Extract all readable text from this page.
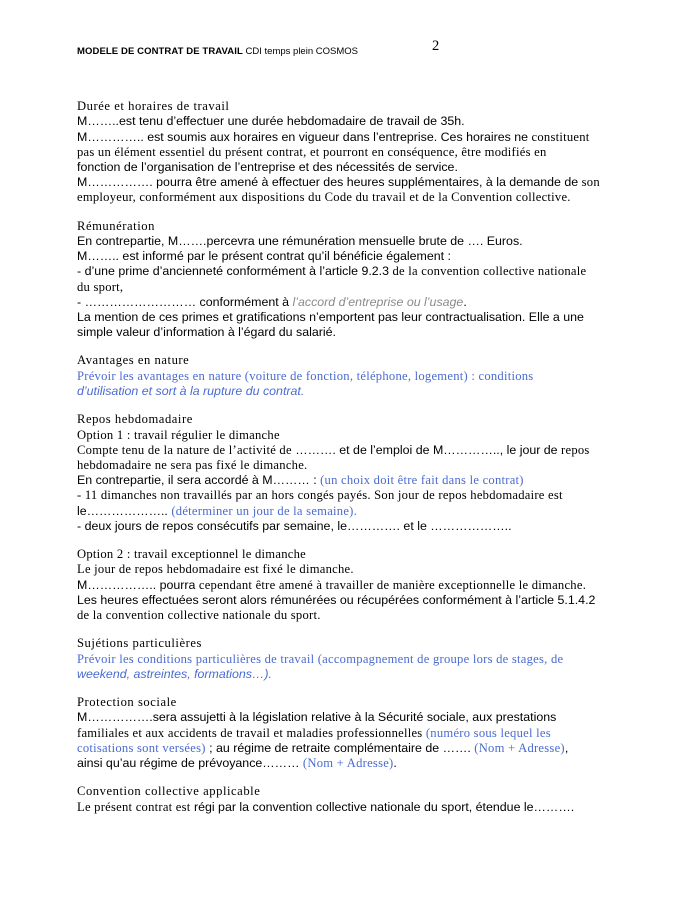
MODELE DE CONTRAT DE TRAVAIL CDI temps plein COSMOS	2

Durée et horaires de travail

M……..est tenu d’effectuer une durée hebdomadaire de travail de 35h.

M………….. est soumis aux horaires en vigueur dans l’entreprise. Ces horaires ne constituent

pas un élément essentiel du présent contrat, et pourront en conséquence, être modifiés en

fonction de l’organisation de l’entreprise et des nécessités de service.

M……………. pourra être amené à effectuer des heures supplémentaires, à la demande de son

employeur, conformément aux dispositions du Code du travail et de la Convention collective.

Rémunération

En contrepartie, M…….percevra une rémunération mensuelle brute de …. Euros.

M…….. est informé par le présent contrat qu’il bénéficie également :

- d’une prime d’ancienneté conformément à l’article 9.2.3 de la convention collective nationale

du sport,

- ……………………… conformément à l’accord d’entreprise ou l’usage.

La mention de ces primes et gratifications n’emportent pas leur contractualisation. Elle a une

simple valeur d’information à l’égard du salarié.

Avantages en nature

Prévoir les avantages en nature (voiture de fonction, téléphone, logement) : conditions

d’utilisation et sort à la rupture du contrat.

Repos hebdomadaire

Option 1 : travail régulier le dimanche

Compte tenu de la nature de l’activité de ………. et de l’emploi de M………….., le jour de repos

hebdomadaire ne sera pas fixé le dimanche.

En contrepartie, il sera accordé à M……… : (un choix doit être fait dans le contrat)

- 11 dimanches non travaillés par an hors congés payés. Son jour de repos hebdomadaire est

le……………….. (déterminer un jour de la semaine).

- deux jours de repos consécutifs par semaine, le…………. et le ………………..

Option 2 : travail exceptionnel le dimanche

Le jour de repos hebdomadaire est fixé le dimanche.

M…………….. pourra cependant être amené à travailler de manière exceptionnelle le dimanche.

Les heures effectuées seront alors rémunérées ou récupérées conformément à l’article 5.1.4.2

de la convention collective nationale du sport.

Sujétions particulières

Prévoir les conditions particulières de travail (accompagnement de groupe lors de stages, de

weekend, astreintes, formations…).

Protection sociale

M…………….sera assujetti à la législation relative à la Sécurité sociale, aux prestations

familiales et aux accidents de travail et maladies professionnelles (numéro sous lequel les

cotisations sont versées) ; au régime de retraite complémentaire de ……. (Nom + Adresse),

ainsi qu’au régime de prévoyance……… (Nom + Adresse).

Convention collective applicable

Le présent contrat est régi par la convention collective nationale du sport, étendue le……….
